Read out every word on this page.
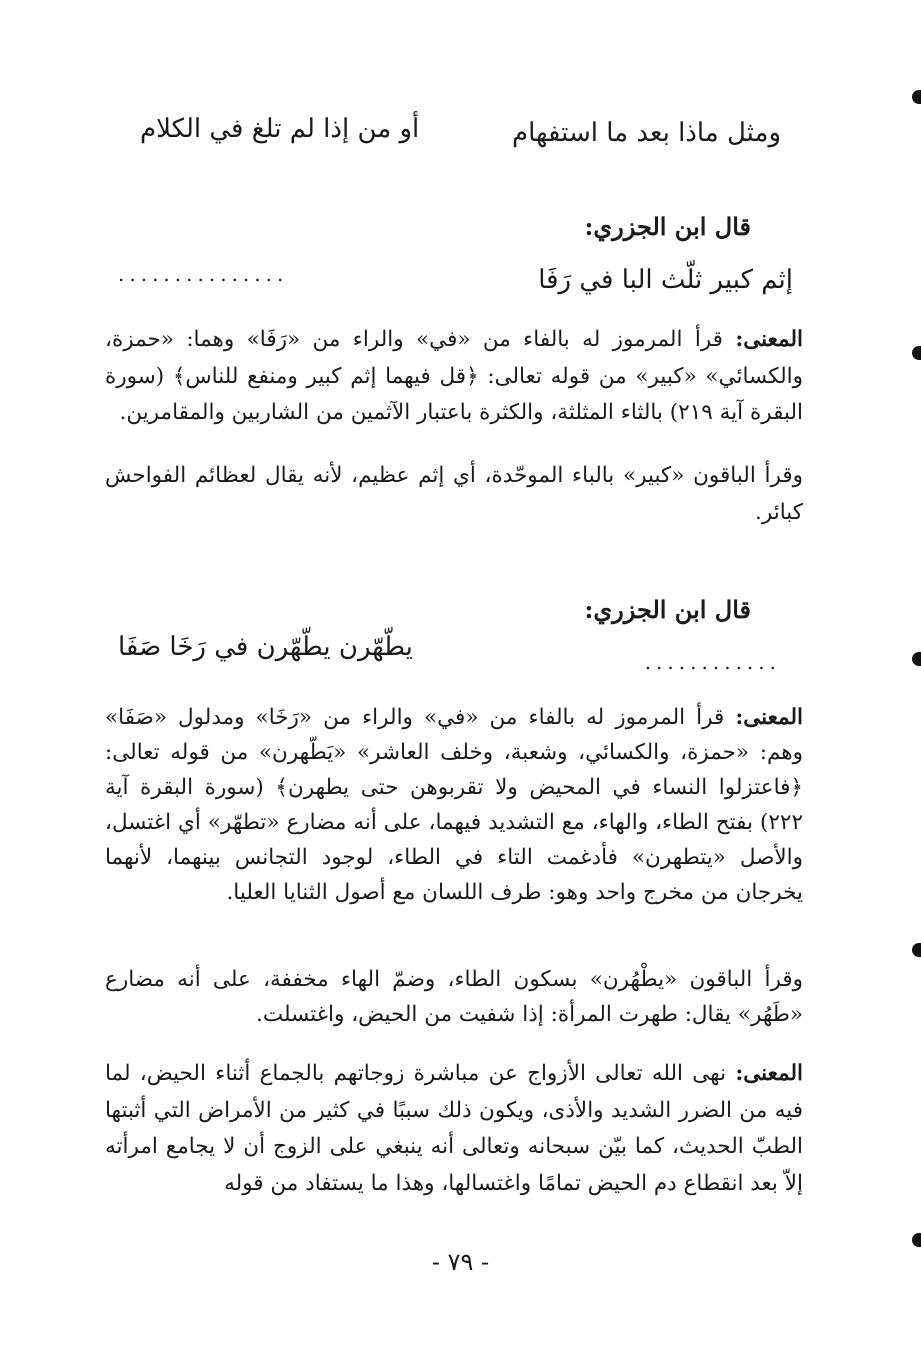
ومثل ماذا بعد ما استفهام
أو من إذا لم تلغ في الكلام
قال ابن الجزري:
إثم كبير ثلّث البا في رَفَا
...............
المعنى: قرأ المرموز له بالفاء من «في» والراء من «رَفَا» وهما: «حمزة، والكسائي» «كبير» من قوله تعالى: ﴿قل فيهما إثم كبير ومنفع للناس﴾ (سورة البقرة آية ٢١٩) بالثاء المثلثة، والكثرة باعتبار الآثمين من الشاربين والمقامرين.
وقرأ الباقون «كبير» بالباء الموحّدة، أي إثم عظيم، لأنه يقال لعظائم الفواحش كبائر.
قال ابن الجزري:
يطّهّرن يطّهّرن في رَخَا صَفَا	............
المعنى: قرأ المرموز له بالفاء من «في» والراء من «رَخَا» ومدلول «صَفَا» وهم: «حمزة، والكسائي، وشعبة، وخلف العاشر» «يَطّهرن» من قوله تعالى: ﴿فاعتزلوا النساء في المحيض ولا تقربوهن حتى يطهرن﴾ (سورة البقرة آية ٢٢٢) بفتح الطاء، والهاء، مع التشديد فيهما، على أنه مضارع «تطهّر» أي اغتسل، والأصل «يتطهرن» فأدغمت التاء في الطاء، لوجود التجانس بينهما، لأنهما يخرجان من مخرج واحد وهو: طرف اللسان مع أصول الثنايا العليا.
وقرأ الباقون «يطْهُرن» بسكون الطاء، وضمّ الهاء مخففة، على أنه مضارع «طَهُر» يقال: طهرت المرأة: إذا شفيت من الحيض، واغتسلت.
المعنى: نهى الله تعالى الأزواج عن مباشرة زوجاتهم بالجماع أثناء الحيض، لما فيه من الضرر الشديد والأذى، ويكون ذلك سببًا في كثير من الأمراض التي أثبتها الطبّ الحديث، كما بيّن سبحانه وتعالى أنه ينبغي على الزوج أن لا يجامع امرأته إلاّ بعد انقطاع دم الحيض تمامًا واغتسالها، وهذا ما يستفاد من قوله
- ٧٩ -
